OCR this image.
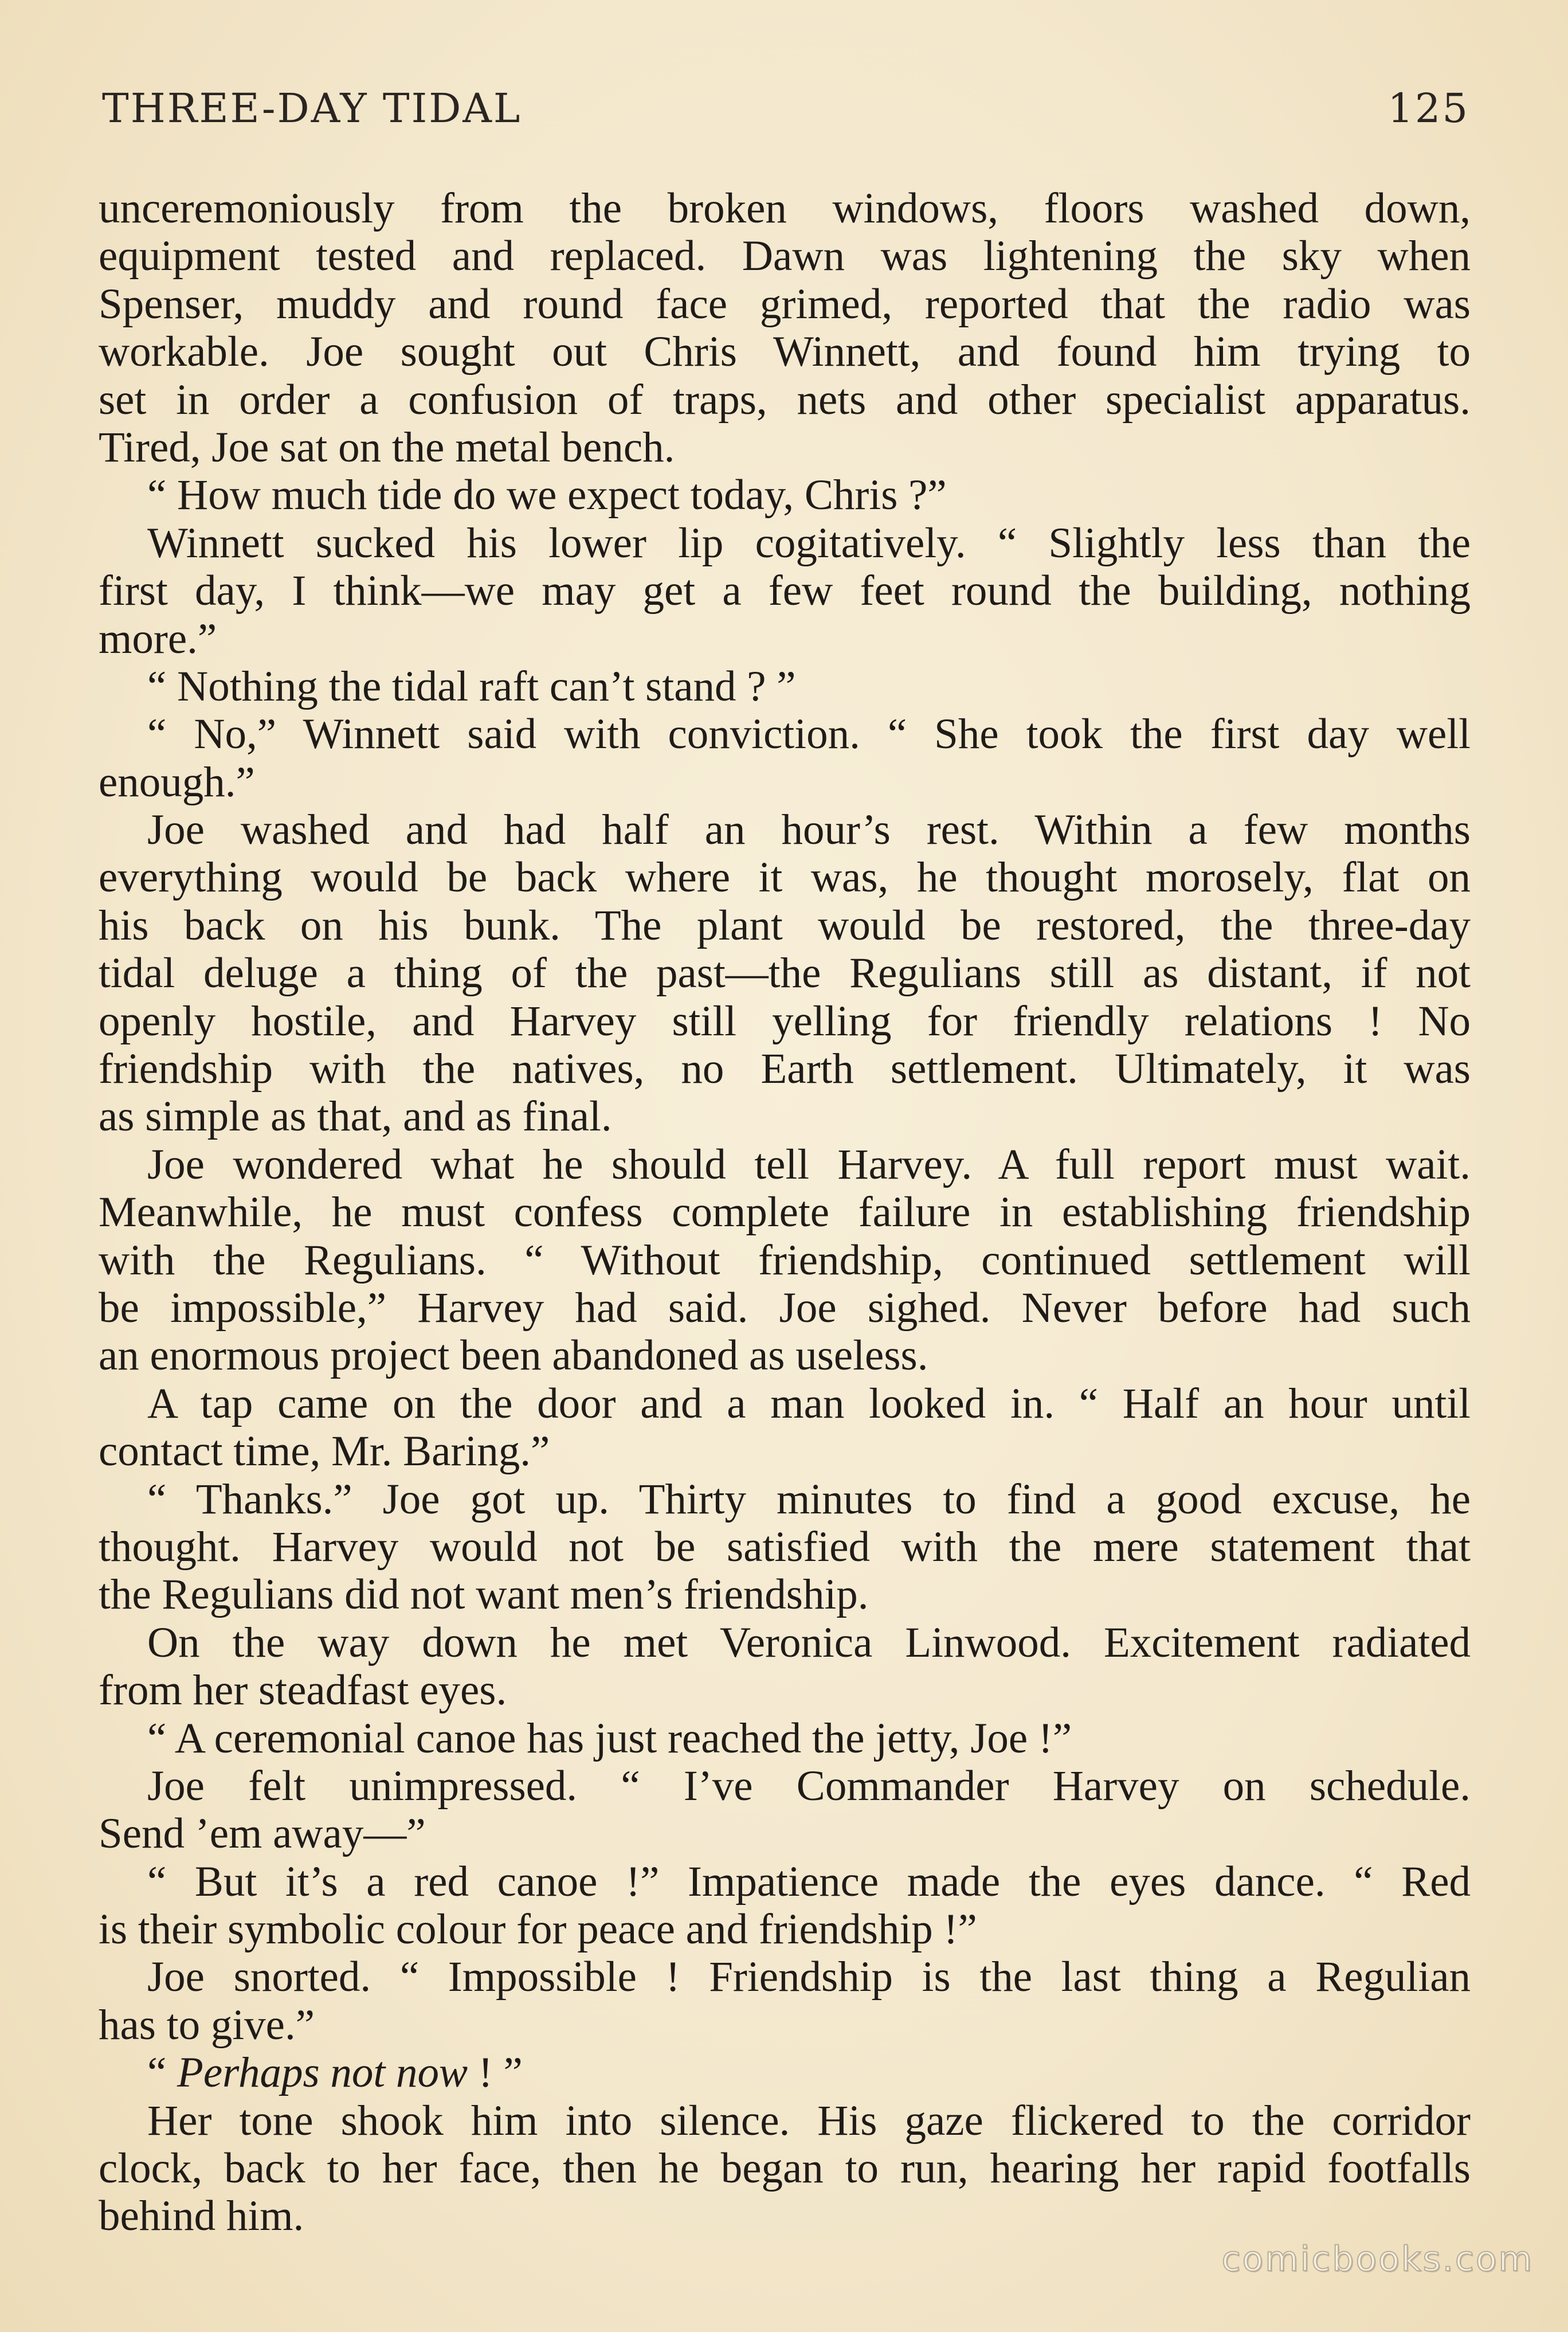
THREE-DAY TIDAL	125
unceremoniously from the broken windows, floors washed down,
equipment tested and replaced. Dawn was lightening the sky when
Spenser, muddy and round face grimed, reported that the radio was
workable. Joe sought out Chris Winnett, and found him trying to
set in order a confusion of traps, nets and other specialist apparatus.
Tired, Joe sat on the metal bench.
“ How much tide do we expect today, Chris ?”
Winnett sucked his lower lip cogitatively. “ Slightly less than the
first day, I think—we may get a few feet round the building, nothing
more.”
“ Nothing the tidal raft can’t stand ? ”
“ No,” Winnett said with conviction. “ She took the first day well
enough.”
Joe washed and had half an hour’s rest. Within a few months
everything would be back where it was, he thought morosely, flat on
his back on his bunk. The plant would be restored, the three-day
tidal deluge a thing of the past—the Regulians still as distant, if not
openly hostile, and Harvey still yelling for friendly relations ! No
friendship with the natives, no Earth settlement. Ultimately, it was
as simple as that, and as final.
Joe wondered what he should tell Harvey. A full report must wait.
Meanwhile, he must confess complete failure in establishing friendship
with the Regulians. “ Without friendship, continued settlement will
be impossible,” Harvey had said. Joe sighed. Never before had such
an enormous project been abandoned as useless.
A tap came on the door and a man looked in. “ Half an hour until
contact time, Mr. Baring.”
“ Thanks.” Joe got up. Thirty minutes to find a good excuse, he
thought. Harvey would not be satisfied with the mere statement that
the Regulians did not want men’s friendship.
On the way down he met Veronica Linwood. Excitement radiated
from her steadfast eyes.
“ A ceremonial canoe has just reached the jetty, Joe !”
Joe felt unimpressed. “ I’ve Commander Harvey on schedule.
Send ’em away—”
“ But it’s a red canoe !” Impatience made the eyes dance. “ Red
is their symbolic colour for peace and friendship !”
Joe snorted. “ Impossible ! Friendship is the last thing a Regulian
has to give.”
“ Perhaps not now ! ”
Her tone shook him into silence. His gaze flickered to the corridor
clock, back to her face, then he began to run, hearing her rapid footfalls
behind him.
comicbooks.com
